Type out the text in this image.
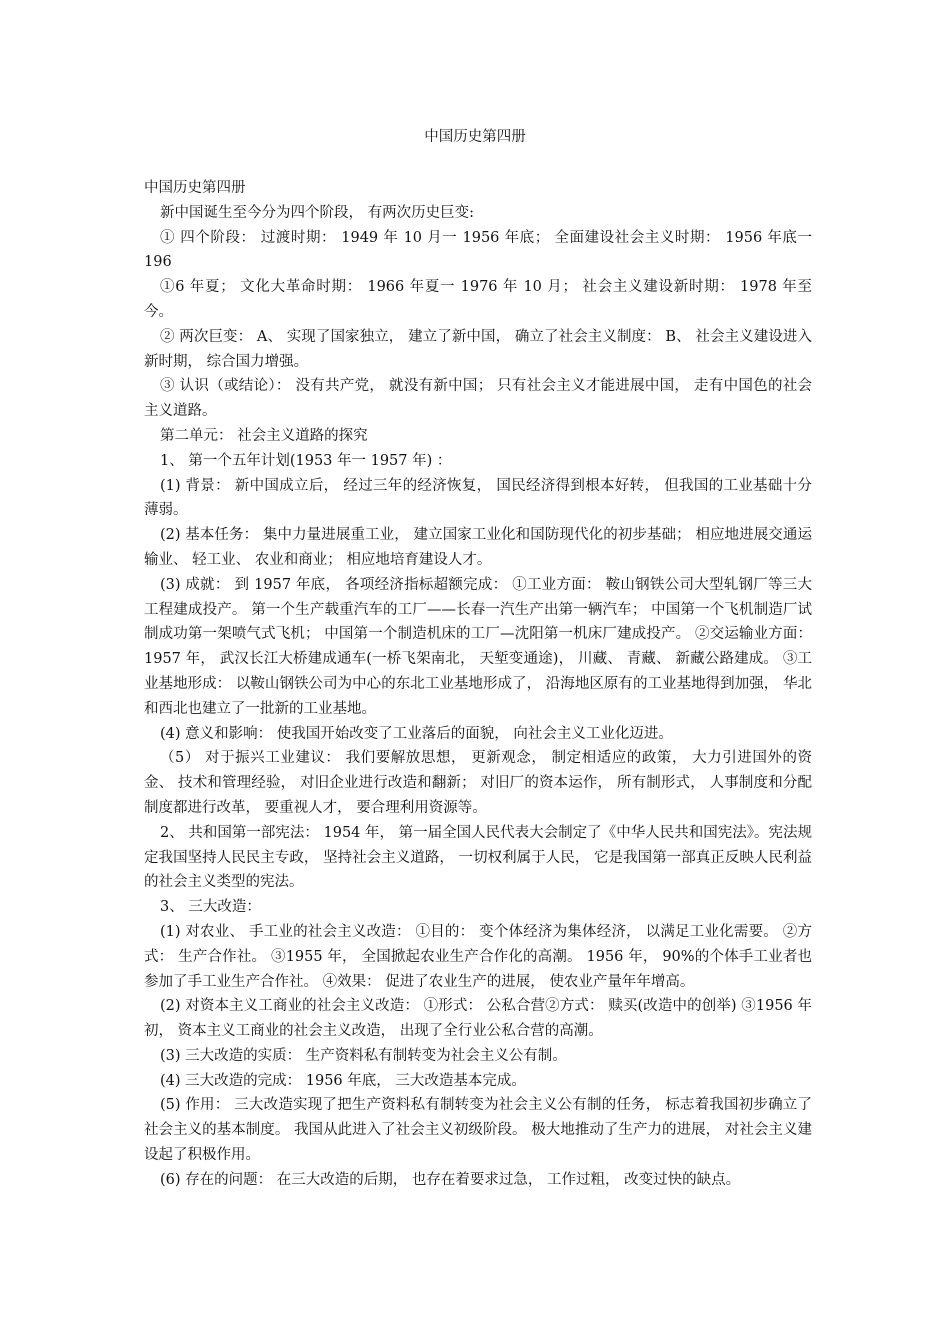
中国历史第四册

中国历史第四册

新中国诞生至今分为四个阶段， 有两次历史巨变:

① 四个阶段： 过渡时期： 1949 年 10 月一 1956 年底； 全面建设社会主义时期： 1956 年底一 196

①6 年夏； 文化大革命时期： 1966 年夏一 1976 年 10 月； 社会主义建设新时期： 1978 年至今。

② 两次巨变： A、 实现了国家独立， 建立了新中国， 确立了社会主义制度： B、 社会主义建设进入新时期， 综合国力增强。

③ 认识（或结论）： 没有共产党， 就没有新中国； 只有社会主义才能进展中国， 走有中国色的社会主义道路。

第二单元： 社会主义道路的探究

1、 第一个五年计划(1953 年一 1957 年) ：

(1) 背景： 新中国成立后， 经过三年的经济恢复， 国民经济得到根本好转， 但我国的工业基础十分薄弱。

(2) 基本任务： 集中力量进展重工业， 建立国家工业化和国防现代化的初步基础； 相应地进展交通运输业、 轻工业、 农业和商业； 相应地培育建设人才。

(3) 成就： 到 1957 年底， 各项经济指标超额完成： ①工业方面： 鞍山钢铁公司大型轧钢厂等三大工程建成投产。 第一个生产载重汽车的工厂——长春一汽生产出第一辆汽车； 中国第一个飞机制造厂试制成功第一架喷气式飞机； 中国第一个制造机床的工厂—沈阳第一机床厂建成投产。 ②交运输业方面： 1957 年， 武汉长江大桥建成通车(一桥飞架南北， 天堑变通途)， 川藏、 青藏、 新藏公路建成。 ③工业基地形成： 以鞍山钢铁公司为中心的东北工业基地形成了， 沿海地区原有的工业基地得到加强， 华北和西北也建立了一批新的工业基地。

(4) 意义和影响： 使我国开始改变了工业落后的面貌， 向社会主义工业化迈进。

（5） 对于振兴工业建议： 我们要解放思想， 更新观念， 制定相适应的政策， 大力引进国外的资金、 技术和管理经验， 对旧企业进行改造和翻新； 对旧厂的资本运作， 所有制形式， 人事制度和分配制度都进行改革， 要重视人才， 要合理利用资源等。

2、 共和国第一部宪法： 1954 年， 第一届全国人民代表大会制定了《中华人民共和国宪法》。宪法规定我国坚持人民民主专政， 坚持社会主义道路， 一切权利属于人民， 它是我国第一部真正反映人民利益的社会主义类型的宪法。

3、 三大改造：

(1) 对农业、 手工业的社会主义改造： ①目的： 变个体经济为集体经济， 以满足工业化需要。 ②方式： 生产合作社。 ③1955 年， 全国掀起农业生产合作化的高潮。 1956 年， 90%的个体手工业者也参加了手工业生产合作社。 ④效果： 促进了农业生产的进展， 使农业产量年年增高。

(2) 对资本主义工商业的社会主义改造： ①形式： 公私合营②方式： 赎买(改造中的创举) ③1956 年初， 资本主义工商业的社会主义改造， 出现了全行业公私合营的高潮。

(3) 三大改造的实质： 生产资料私有制转变为社会主义公有制。

(4) 三大改造的完成： 1956 年底， 三大改造基本完成。

(5) 作用： 三大改造实现了把生产资料私有制转变为社会主义公有制的任务， 标志着我国初步确立了社会主义的基本制度。 我国从此进入了社会主义初级阶段。 极大地推动了生产力的进展， 对社会主义建设起了积极作用。

(6) 存在的问题： 在三大改造的后期， 也存在着要求过急， 工作过粗， 改变过快的缺点。
